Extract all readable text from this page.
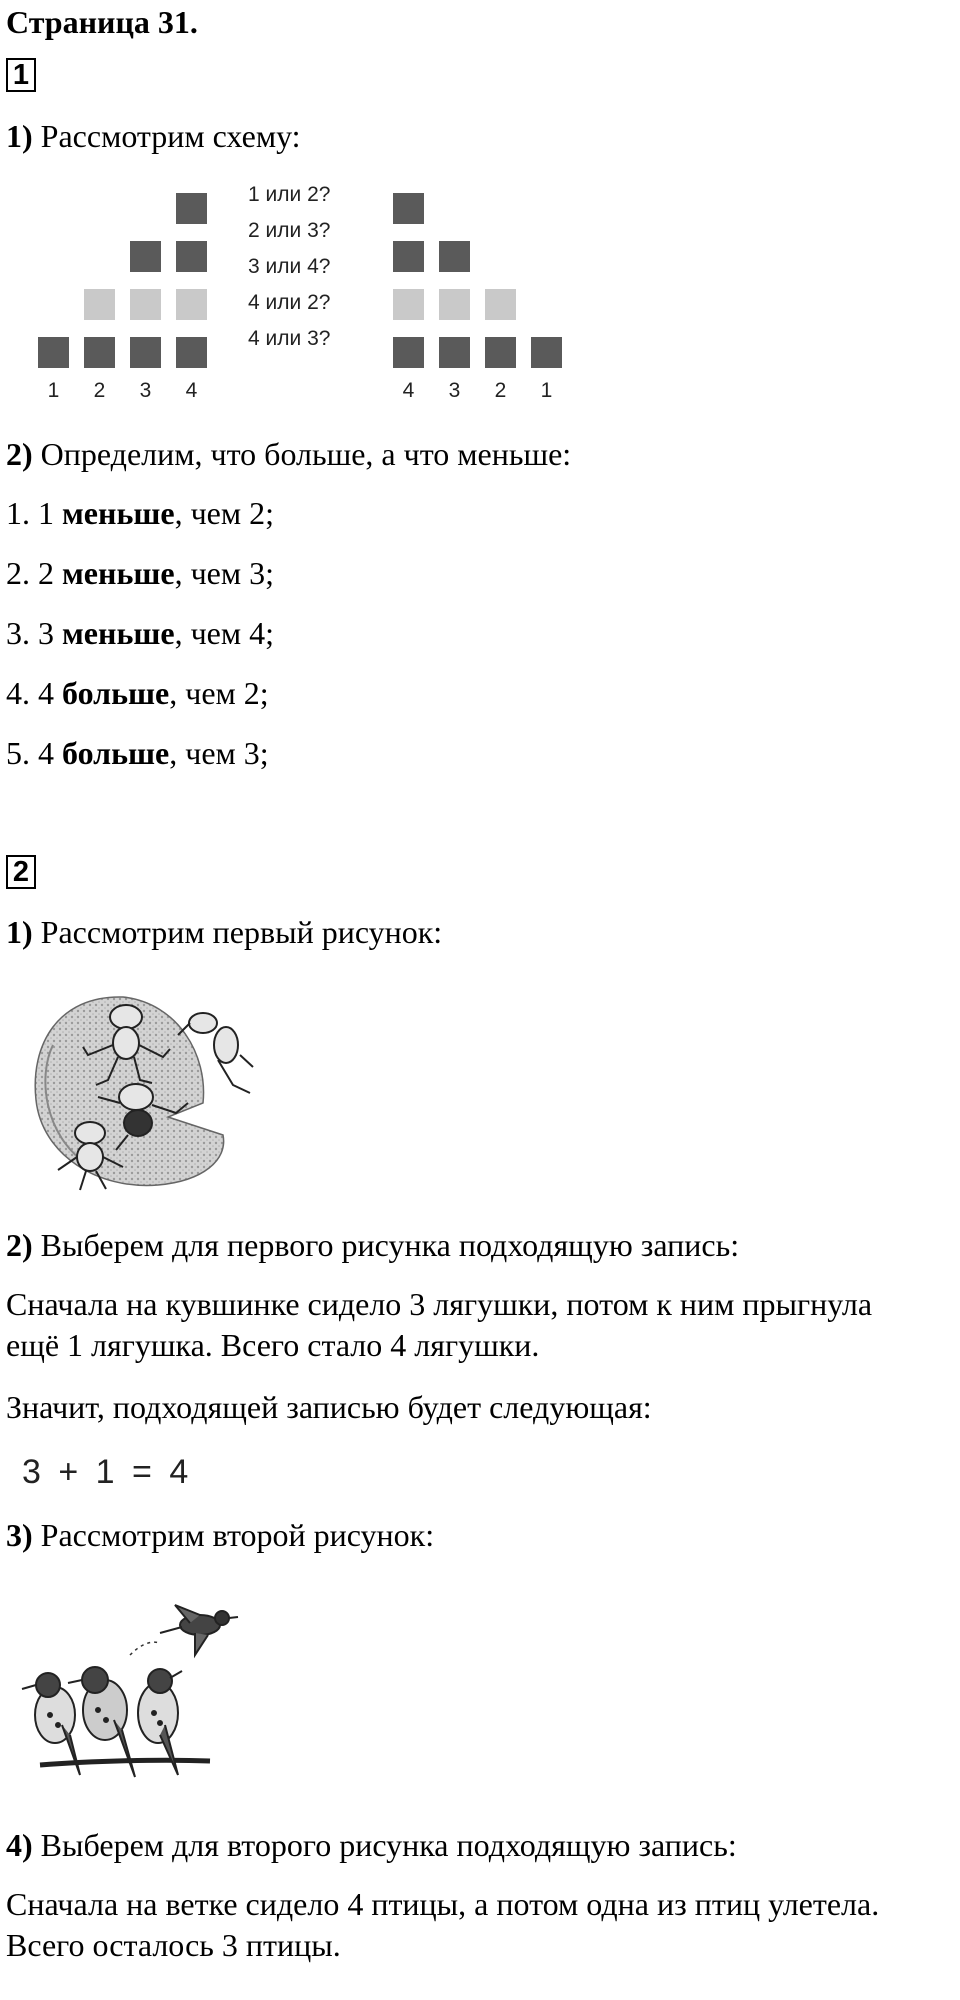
Страница 31.
1
1) Рассмотрим схему:
1	2	3	4
1 или 2?
2 или 3?
3 или 4?
4 или 2?
4 или 3?
4	3	2	1
2) Определим, что больше, а что меньше:
1. 1 меньше, чем 2;
2. 2 меньше, чем 3;
3. 3 меньше, чем 4;
4. 4 больше, чем 2;
5. 4 больше, чем 3;
2
1) Рассмотрим первый рисунок:
2) Выберем для первого рисунка подходящую запись:
Сначала на кувшинке сидело 3 лягушки, потом к ним прыгнула
ещё 1 лягушка. Всего стало 4 лягушки.
Значит, подходящей записью будет следующая:
3 + 1 = 4
3) Рассмотрим второй рисунок:
4) Выберем для второго рисунка подходящую запись:
Сначала на ветке сидело 4 птицы, а потом одна из птиц улетела.
Всего осталось 3 птицы.
